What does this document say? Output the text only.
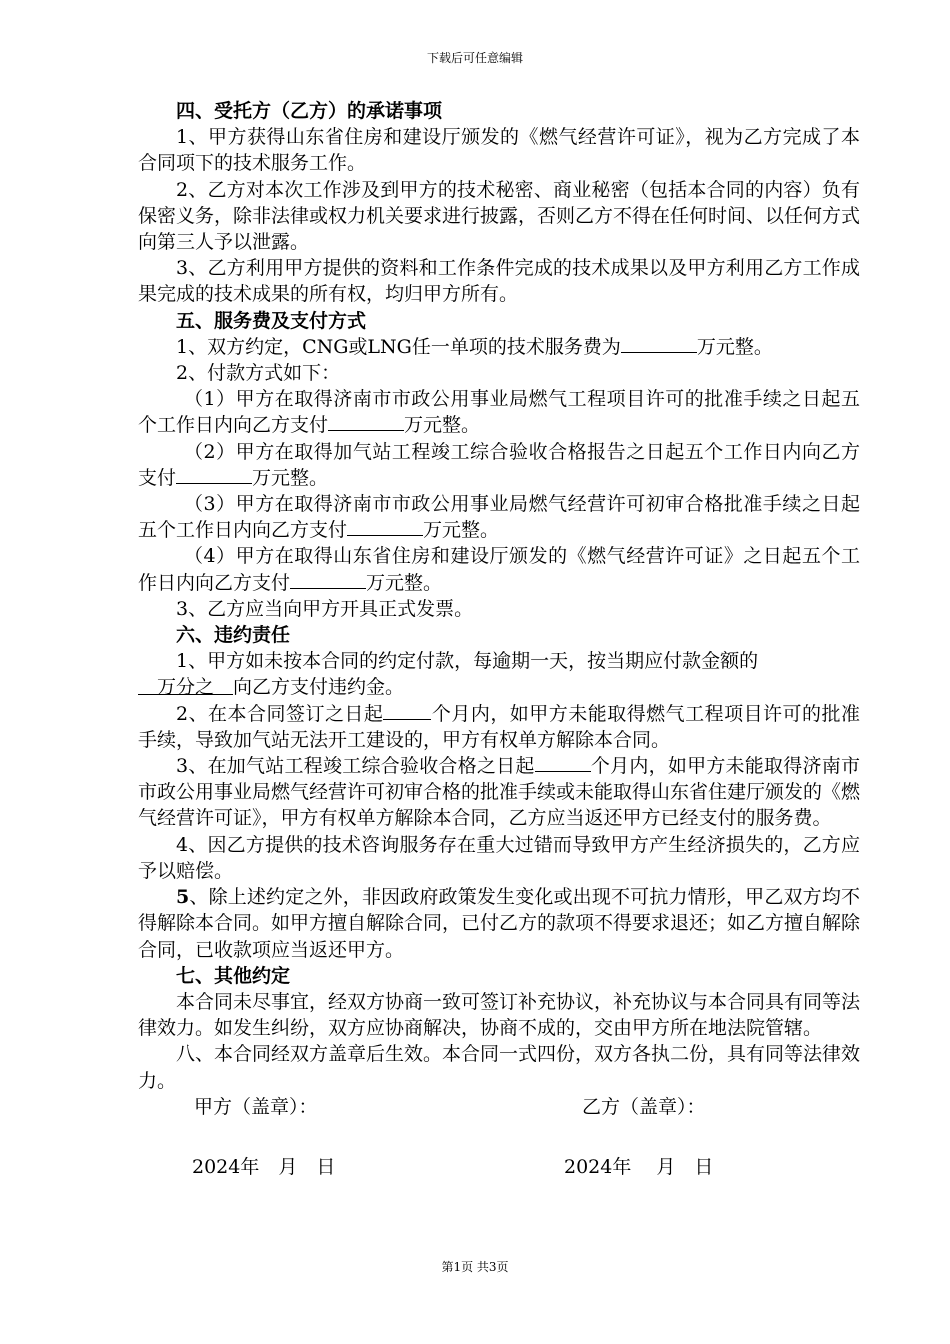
下载后可任意编辑

四、受托方（乙方）的承诺事项

1、甲方获得山东省住房和建设厅颁发的《燃气经营许可证》，视为乙方完成了本合同项下的技术服务工作。

2、乙方对本次工作涉及到甲方的技术秘密、商业秘密（包括本合同的内容）负有保密义务，除非法律或权力机关要求进行披露，否则乙方不得在任何时间、以任何方式向第三人予以泄露。

3、乙方利用甲方提供的资料和工作条件完成的技术成果以及甲方利用乙方工作成果完成的技术成果的所有权，均归甲方所有。

五、服务费及支付方式

1、双方约定，CNG或LNG任一单项的技术服务费为	万元整。

2、付款方式如下：

（1）甲方在取得济南市市政公用事业局燃气工程项目许可的批准手续之日起五个工作日内向乙方支付	万元整。

（2）甲方在取得加气站工程竣工综合验收合格报告之日起五个工作日内向乙方支付	万元整。

（3）甲方在取得济南市市政公用事业局燃气经营许可初审合格批准手续之日起五个工作日内向乙方支付	万元整。

（4）甲方在取得山东省住房和建设厅颁发的《燃气经营许可证》之日起五个工作日内向乙方支付	万元整。

3、乙方应当向甲方开具正式发票。

六、违约责任

1、甲方如未按本合同的约定付款，每逾期一天，按当期应付款金额的

　万分之　向乙方支付违约金。

2、在本合同签订之日起	个月内，如甲方未能取得燃气工程项目许可的批准手续，导致加气站无法开工建设的，甲方有权单方解除本合同。

3、在加气站工程竣工综合验收合格之日起	个月内，如甲方未能取得济南市市政公用事业局燃气经营许可初审合格的批准手续或未能取得山东省住建厅颁发的《燃气经营许可证》，甲方有权单方解除本合同，乙方应当返还甲方已经支付的服务费。

4、因乙方提供的技术咨询服务存在重大过错而导致甲方产生经济损失的，乙方应予以赔偿。

5、除上述约定之外，非因政府政策发生变化或出现不可抗力情形，甲乙双方均不得解除本合同。如甲方擅自解除合同，已付乙方的款项不得要求退还；如乙方擅自解除合同，已收款项应当返还甲方。

七、其他约定

本合同未尽事宜，经双方协商一致可签订补充协议，补充协议与本合同具有同等法律效力。如发生纠纷，双方应协商解决，协商不成的，交由甲方所在地法院管辖。

八、本合同经双方盖章后生效。本合同一式四份，双方各执二份，具有同等法律效力。

甲方（盖章）：	乙方（盖章）：
2024年　月　日	2024年　 月　日
第1页 共3页
